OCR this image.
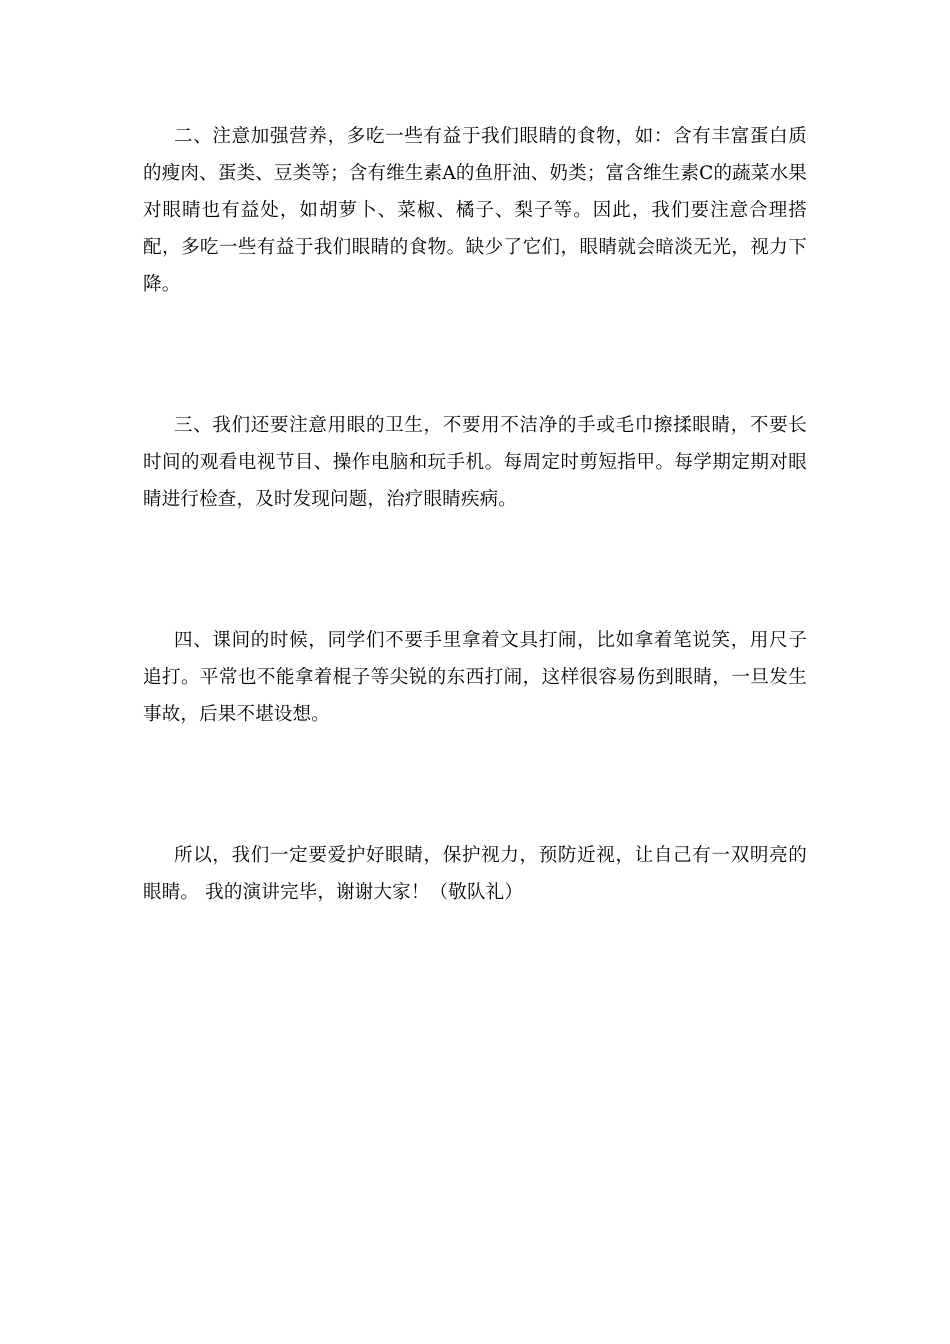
二、注意加强营养，多吃一些有益于我们眼睛的食物，如：含有丰富蛋白质的瘦肉、蛋类、豆类等；含有维生素A的鱼肝油、奶类；富含维生素C的蔬菜水果对眼睛也有益处，如胡萝卜、菜椒、橘子、梨子等。因此，我们要注意合理搭配，多吃一些有益于我们眼睛的食物。缺少了它们，眼睛就会暗淡无光，视力下降。

三、我们还要注意用眼的卫生，不要用不洁净的手或毛巾擦揉眼睛，不要长时间的观看电视节目、操作电脑和玩手机。每周定时剪短指甲。每学期定期对眼睛进行检查，及时发现问题，治疗眼睛疾病。

四、课间的时候，同学们不要手里拿着文具打闹，比如拿着笔说笑，用尺子追打。平常也不能拿着棍子等尖锐的东西打闹，这样很容易伤到眼睛，一旦发生事故，后果不堪设想。

所以，我们一定要爱护好眼睛，保护视力，预防近视，让自己有一双明亮的眼睛。 我的演讲完毕，谢谢大家！（敬队礼）
